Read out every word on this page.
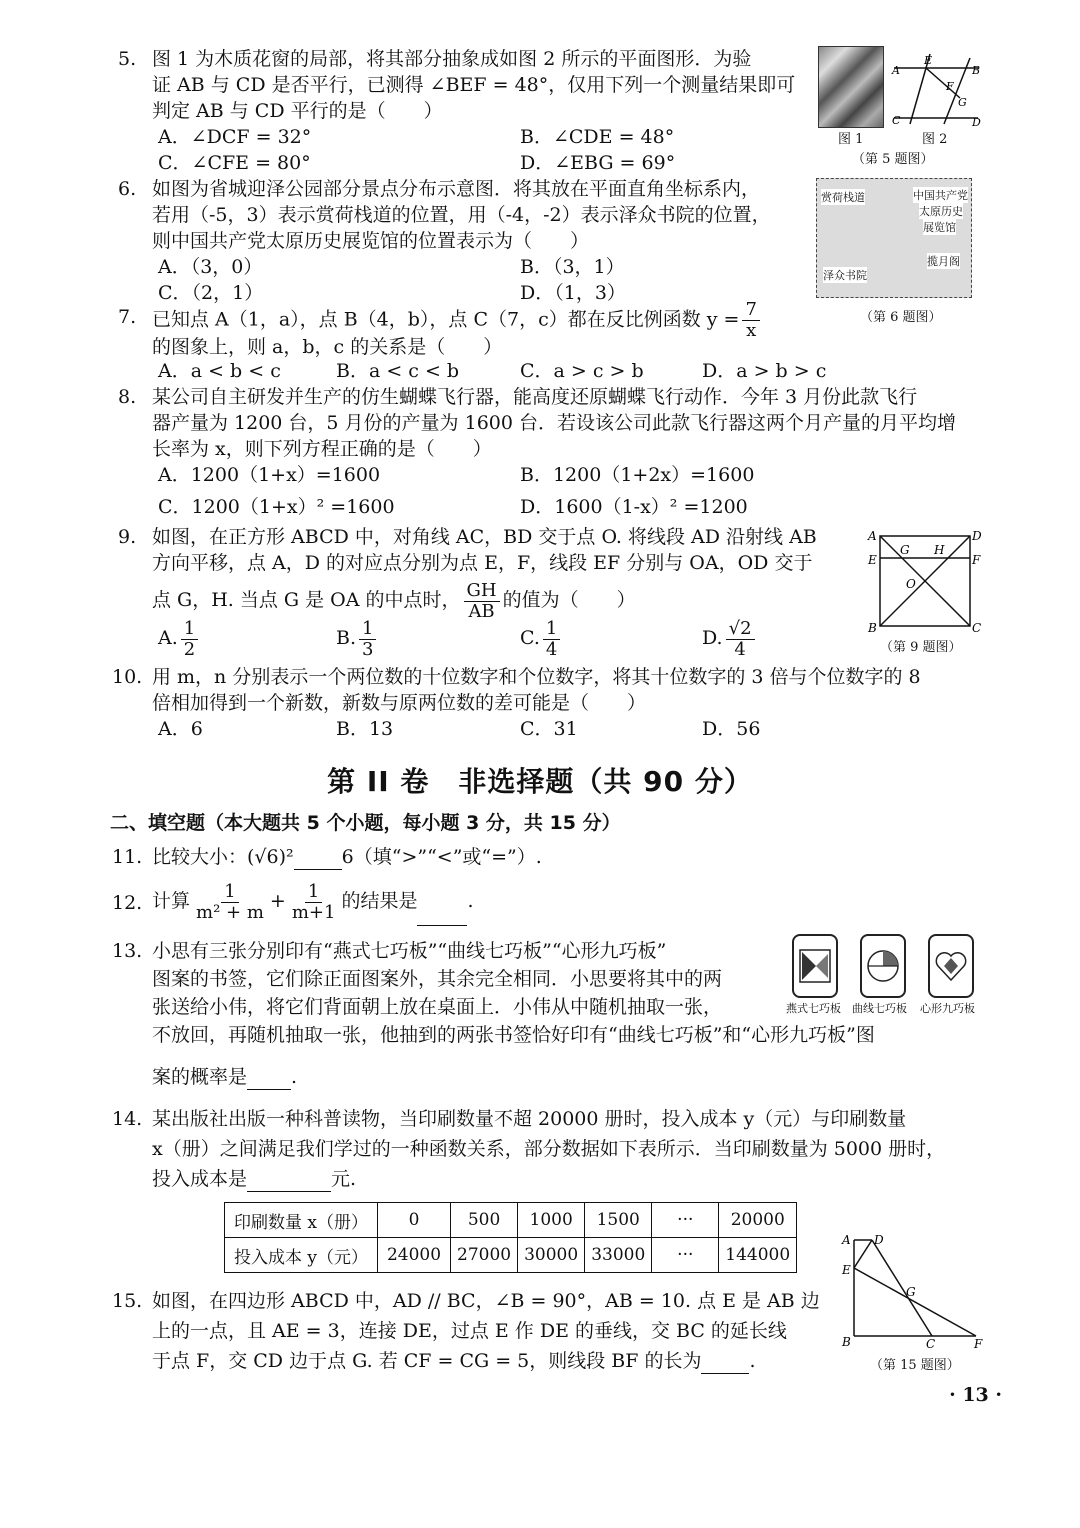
5. 图 1 为木质花窗的局部，将其部分抽象成如图 2 所示的平面图形．为验
证 AB 与 CD 是否平行，已测得 ∠BEF = 48°，仅用下列一个测量结果即可
判定 AB 与 CD 平行的是（　　）
A．∠DCF = 32°	B．∠CDE = 48°
C．∠CFE = 80°	D．∠EBG = 69°
A
E
B
F
G
C	D
图 1	图 2
（第 5 题图）
6. 如图为省城迎泽公园部分景点分布示意图．将其放在平面直角坐标系内，
若用（-5，3）表示赏荷栈道的位置，用（-4，-2）表示泽众书院的位置，
则中国共产党太原历史展览馆的位置表示为（　　）
A．（3，0）	B．（3，1）
C．（2，1）	D．（1，3）
赏荷栈道	中国共产党
太原历史
展览馆
泽众书院
揽月阁
（第 6 题图）
7. 已知点 A（1，a），点 B（4，b），点 C（7，c）都在反比例函数 $y = \frac{7}{x}$
的图象上，则 a，b，c 的关系是（　　）
A．a < b < c	B．a < c < b	C．a > c > b	D．a > b > c
8. 某公司自主研发并生产的仿生蝴蝶飞行器，能高度还原蝴蝶飞行动作．今年 3 月份此款飞行
器产量为 1200 台，5 月份的产量为 1600 台．若设该公司此款飞行器这两个月产量的月平均增
长率为 x，则下列方程正确的是（　　）
A．1200（1+x）=1600	B．1200（1+2x）=1600
C．1200（1+x）² =1600	D．1600（1-x）² =1200
9. 如图，在正方形 ABCD 中，对角线 AC，BD 交于点 O. 将线段 AD 沿射线 AB
方向平移，点 A，D 的对应点分别为点 E，F，线段 EF 分别与 OA，OD 交于
点 G，H. 当点 G 是 OA 的中点时， $\frac{GH}{AB}$ 的值为（　　）
A. $\frac{1}{2}$	B. $\frac{1}{3}$	C. $\frac{1}{4}$	D. $\frac{√2}{4}$
A	D
E	F
G H
O
B	C
（第 9 题图）
10. 用 m，n 分别表示一个两位数的十位数字和个位数字，将其十位数字的 3 倍与个位数字的 8
倍相加得到一个新数，新数与原两位数的差可能是（　　）
A．6	B．13	C．31	D．56
第 II 卷　非选择题（共 90 分）
二、填空题（本大题共 5 个小题，每小题 3 分，共 15 分）
11. 比较大小：(√6)²	6（填“>”“<”或“=”）.
12. 计算 $\frac{1}{\text{m² + m}} + \frac{1}{m+1}$ 的结果是	.
13. 小思有三张分别印有“燕式七巧板”“曲线七巧板”“心形九巧板”
图案的书签，它们除正面图案外，其余完全相同．小思要将其中的两
张送给小伟，将它们背面朝上放在桌面上．小伟从中随机抽取一张，
不放回，再随机抽取一张，他抽到的两张书签恰好印有“曲线七巧板”和“心形九巧板”图
案的概率是 .
燕式七巧板 曲线七巧板 心形九巧板
14. 某出版社出版一种科普读物，当印刷数量不超 20000 册时，投入成本 y（元）与印刷数量
x（册）之间满足我们学过的一种函数关系，部分数据如下表所示．当印刷数量为 5000 册时，
投入成本是	元.
印刷数量 x（册）	0	500	1000	1500	···	20000
投入成本 y（元）	24000	27000	30000	33000	···	144000
15. 如图，在四边形 ABCD 中，AD // BC，∠B = 90°，AB = 10. 点 E 是 AB 边
上的一点，且 AE = 3，连接 DE，过点 E 作 DE 的垂线，交 BC 的延长线
于点 F，交 CD 边于点 G. 若 CF = CG = 5，则线段 BF 的长为	.
A D
E
G
B	C	F
（第 15 题图）
· 13 ·
